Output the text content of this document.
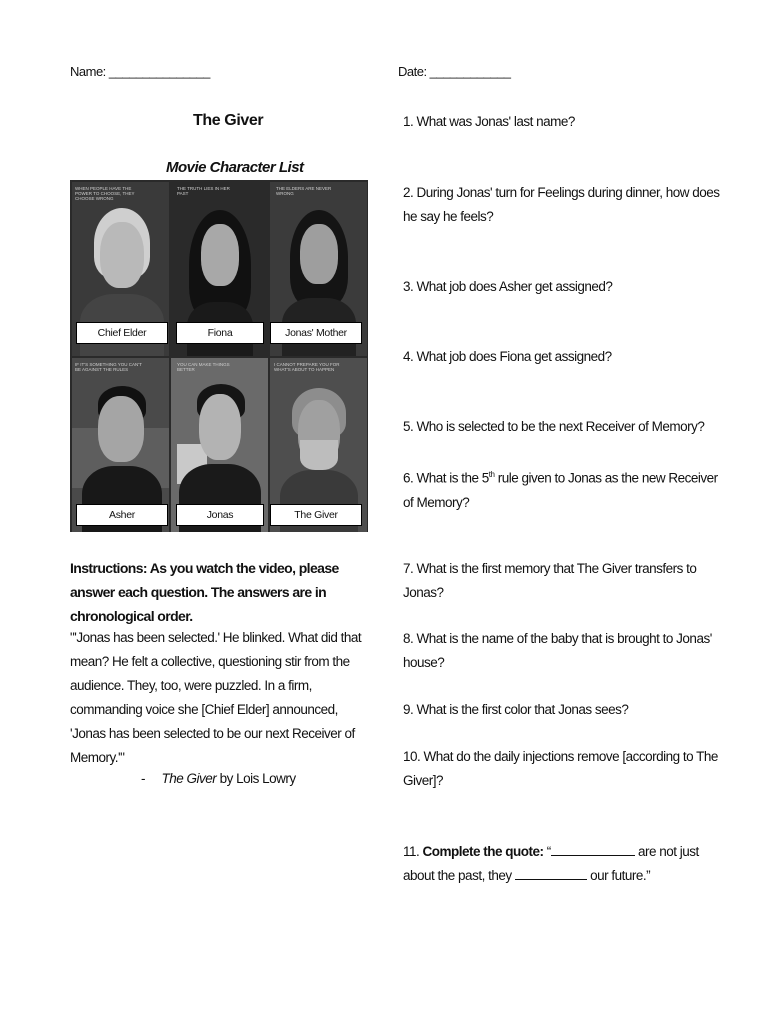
Name: _______________	Date: ____________
The Giver
Movie Character List
WHEN PEOPLE HAVE THE POWER TO CHOOSE, THEY CHOOSE WRONG
THE TRUTH LIES IN HER PAST
THE ELDERS ARE NEVER WRONG
IF IT'S SOMETHING YOU CAN'T BE AGAINST THE RULES
YOU CAN MAKE THINGS BETTER
I CANNOT PREPARE YOU FOR WHAT'S ABOUT TO HAPPEN
Chief Elder	Fiona	Jonas' Mother
Asher	Jonas	The Giver
Instructions: As you watch the video, please answer each question. The answers are in chronological order.
"'Jonas has been selected.' He blinked. What did that mean? He felt a collective, questioning stir from the audience. They, too, were puzzled. In a firm, commanding voice she [Chief Elder] announced, 'Jonas has been selected to be our next Receiver of Memory.'"
- The Giver by Lois Lowry
1. What was Jonas' last name?
2. During Jonas' turn for Feelings during dinner, how does he say he feels?
3. What job does Asher get assigned?
4. What job does Fiona get assigned?
5. Who is selected to be the next Receiver of Memory?
6. What is the 5th rule given to Jonas as the new Receiver of Memory?
7. What is the first memory that The Giver transfers to Jonas?
8. What is the name of the baby that is brought to Jonas' house?
9. What is the first color that Jonas sees?
10. What do the daily injections remove [according to The Giver]?
11. Complete the quote: “	are not just about the past, they	our future.”
